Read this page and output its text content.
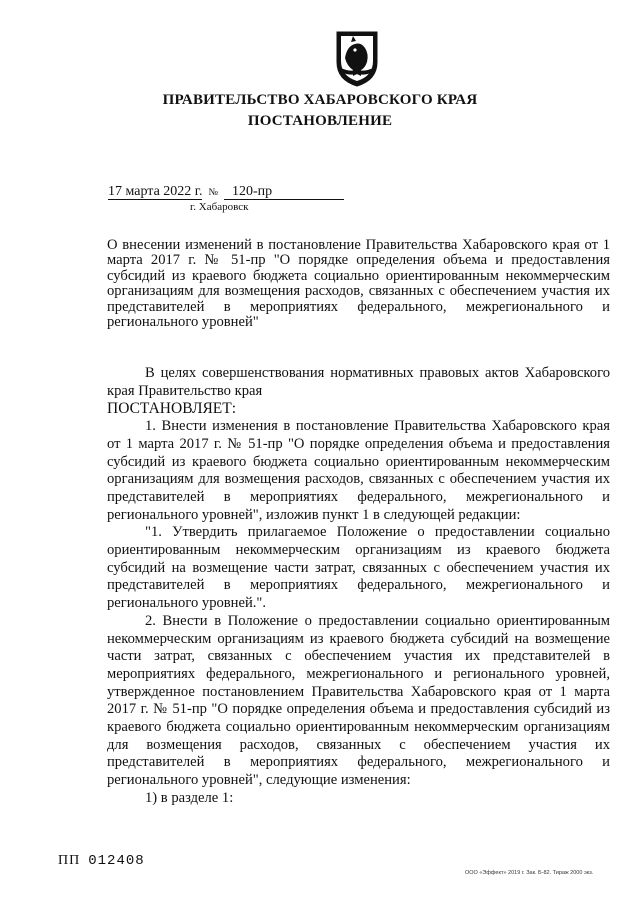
ПРАВИТЕЛЬСТВО ХАБАРОВСКОГО КРАЯ
ПОСТАНОВЛЕНИЕ
17 марта 2022 г. № 120-пр
г. Хабаровск
О внесении изменений в постановление Правительства Хабаровского края от 1 марта 2017 г. № 51-пр "О порядке определения объема и предоставления субсидий из краевого бюджета социально ориентированным некоммерческим организациям для возмещения расходов, связанных с обеспечением участия их представителей в мероприятиях федерального, межрегионального и регионального уровней"

В целях совершенствования нормативных правовых актов Хабаровского края Правительство края

ПОСТАНОВЛЯЕТ:

1. Внести изменения в постановление Правительства Хабаровского края от 1 марта 2017 г. № 51-пр "О порядке определения объема и предоставления субсидий из краевого бюджета социально ориентированным некоммерческим организациям для возмещения расходов, связанных с обеспечением участия их представителей в мероприятиях федерального, межрегионального и регионального уровней", изложив пункт 1 в следующей редакции:

"1. Утвердить прилагаемое Положение о предоставлении социально ориентированным некоммерческим организациям из краевого бюджета субсидий на возмещение части затрат, связанных с обеспечением участия их представителей в мероприятиях федерального, межрегионального и регионального уровней.".

2. Внести в Положение о предоставлении социально ориентированным некоммерческим организациям из краевого бюджета субсидий на возмещение части затрат, связанных с обеспечением участия их представителей в мероприятиях федерального, межрегионального и регионального уровней, утвержденное постановлением Правительства Хабаровского края от 1 марта 2017 г. № 51-пр "О порядке определения объема и предоставления субсидий из краевого бюджета социально ориентированным некоммерческим организациям для возмещения расходов, связанных с обеспечением участия их представителей в мероприятиях федерального, межрегионального и регионального уровней", следующие изменения:

1) в разделе 1:

ПП 012408
ООО «Эффект» 2019 г. Зак. Б-82. Тираж 2000 экз.
